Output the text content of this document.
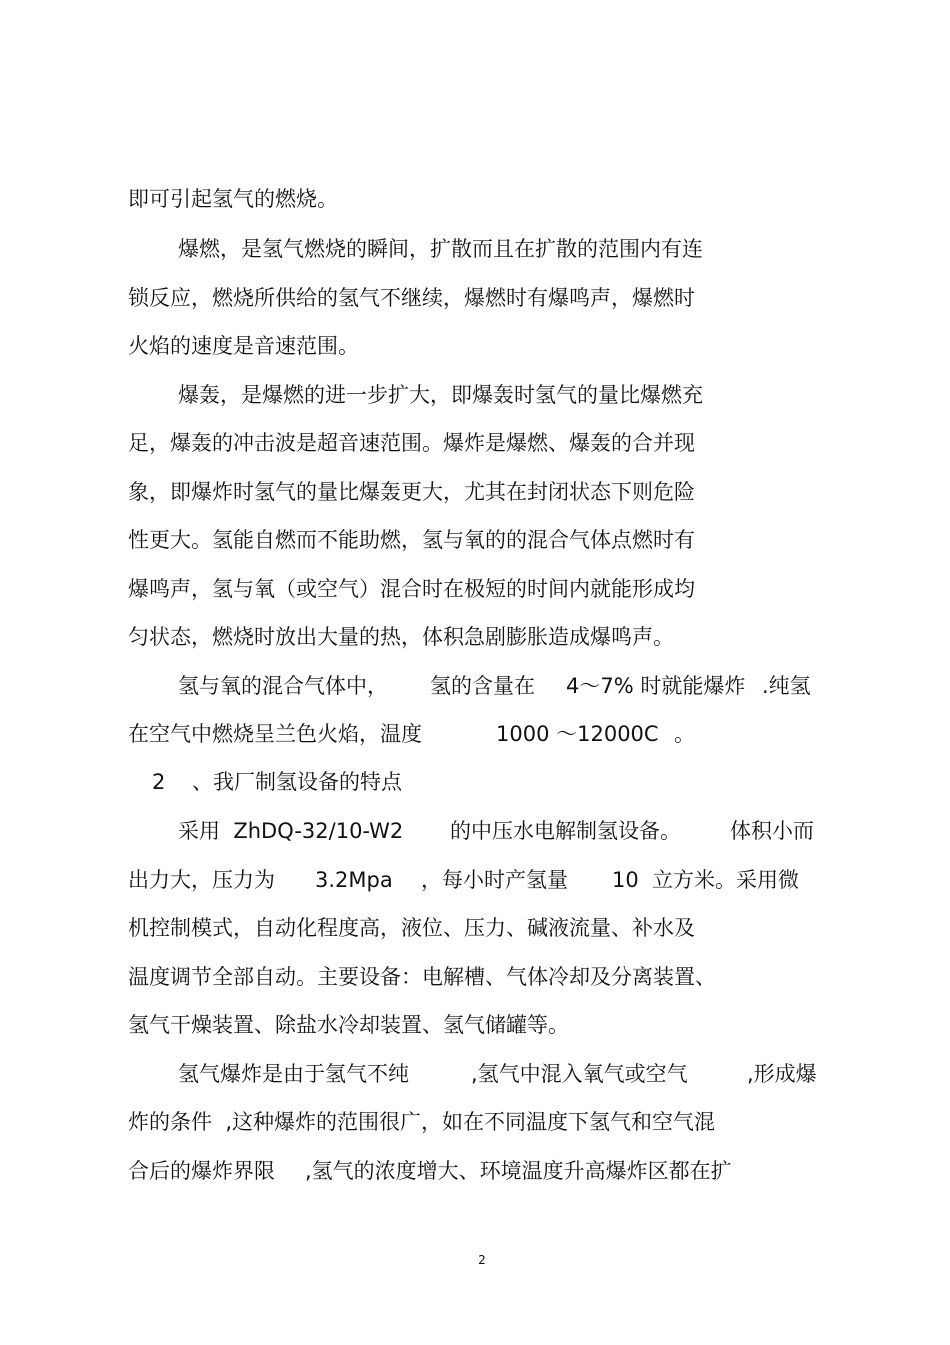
即可引起氢气的燃烧。
爆燃，是氢气燃烧的瞬间，扩散而且在扩散的范围内有连
锁反应，燃烧所供给的氢气不继续，爆燃时有爆鸣声，爆燃时
火焰的速度是音速范围。
爆轰，是爆燃的进一步扩大，即爆轰时氢气的量比爆燃充
足，爆轰的冲击波是超音速范围。爆炸是爆燃、爆轰的合并现
象，即爆炸时氢气的量比爆轰更大，尤其在封闭状态下则危险
性更大。氢能自燃而不能助燃，氢与氧的的混合气体点燃时有
爆鸣声，氢与氧（或空气）混合时在极短的时间内就能形成均
匀状态，燃烧时放出大量的热，体积急剧膨胀造成爆鸣声。
氢与氧的混合气体中， 氢的含量在 4～7% 时就能爆炸 .纯氢
在空气中燃烧呈兰色火焰，温度	1000 ～12000C 。
2 、我厂制氢设备的特点
采用  ZhDQ-32/10-W2 的中压水电解制氢设备。 体积小而
出力大，压力为 3.2Mpa ，每小时产氢量 10 立方米。采用微
机控制模式，自动化程度高，液位、压力、碱液流量、补水及
温度调节全部自动。主要设备：电解槽、气体冷却及分离装置、
氢气干燥装置、除盐水冷却装置、氢气储罐等。
氢气爆炸是由于氢气不纯	,氢气中混入氧气或空气	,形成爆
炸的条件  ,这种爆炸的范围很广，如在不同温度下氢气和空气混
合后的爆炸界限 ,氢气的浓度增大、环境温度升高爆炸区都在扩
2
